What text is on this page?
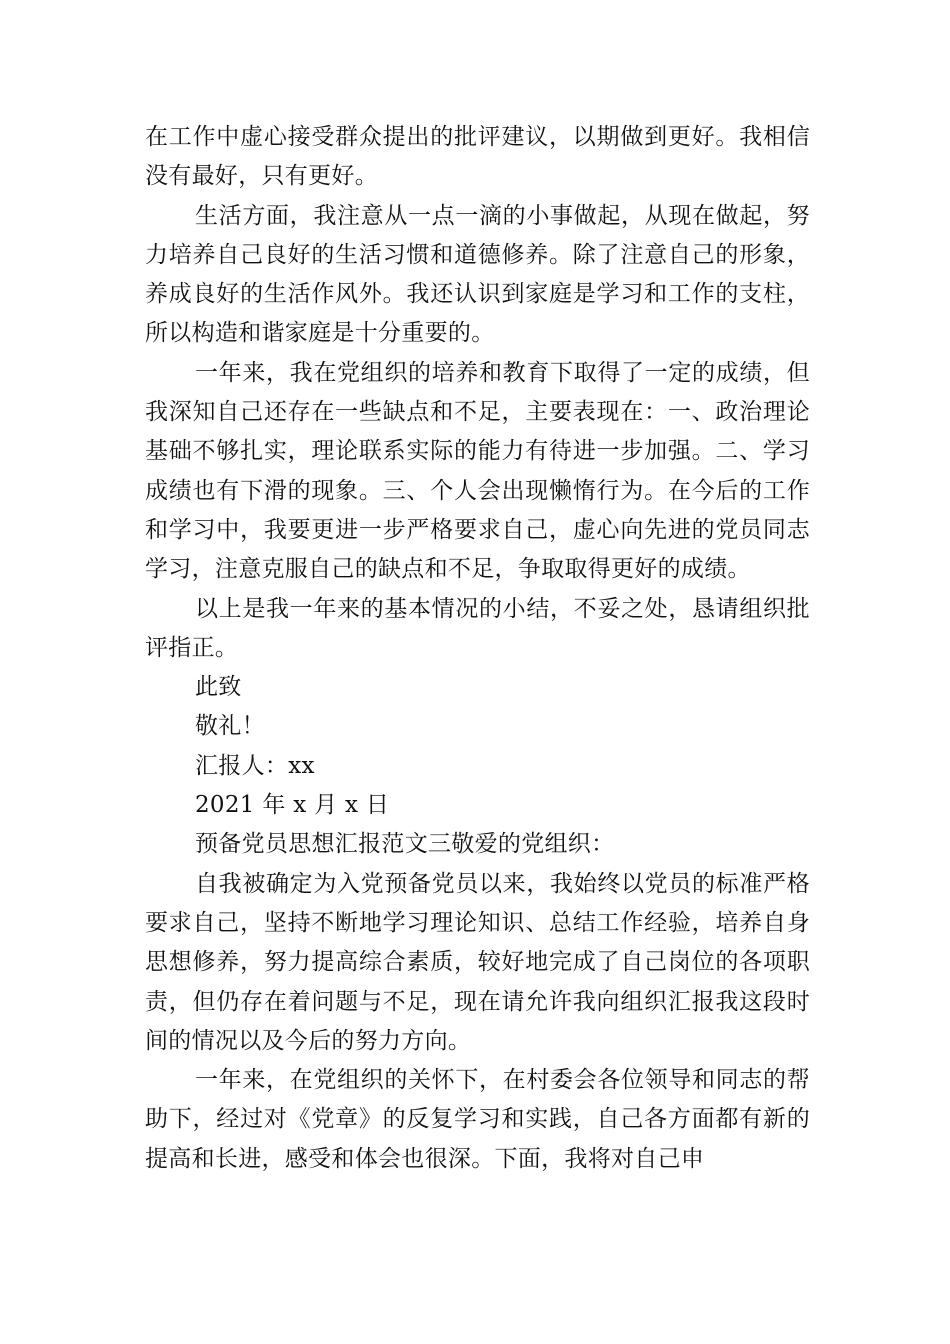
在工作中虚心接受群众提出的批评建议，以期做到更好。我相信没有最好，只有更好。

生活方面，我注意从一点一滴的小事做起，从现在做起，努力培养自己良好的生活习惯和道德修养。除了注意自己的形象，养成良好的生活作风外。我还认识到家庭是学习和工作的支柱，所以构造和谐家庭是十分重要的。

一年来，我在党组织的培养和教育下取得了一定的成绩，但我深知自己还存在一些缺点和不足，主要表现在：一、政治理论基础不够扎实，理论联系实际的能力有待进一步加强。二、学习成绩也有下滑的现象。三、个人会出现懒惰行为。在今后的工作和学习中，我要更进一步严格要求自己，虚心向先进的党员同志学习，注意克服自己的缺点和不足，争取取得更好的成绩。

以上是我一年来的基本情况的小结，不妥之处，恳请组织批评指正。

此致

敬礼！

汇报人：xx

2021 年 x 月 x 日

预备党员思想汇报范文三敬爱的党组织：

自我被确定为入党预备党员以来，我始终以党员的标准严格要求自己，坚持不断地学习理论知识、总结工作经验，培养自身思想修养，努力提高综合素质，较好地完成了自己岗位的各项职责，但仍存在着问题与不足，现在请允许我向组织汇报我这段时间的情况以及今后的努力方向。

一年来，在党组织的关怀下，在村委会各位领导和同志的帮助下，经过对《党章》的反复学习和实践，自己各方面都有新的提高和长进，感受和体会也很深。下面，我将对自己申
